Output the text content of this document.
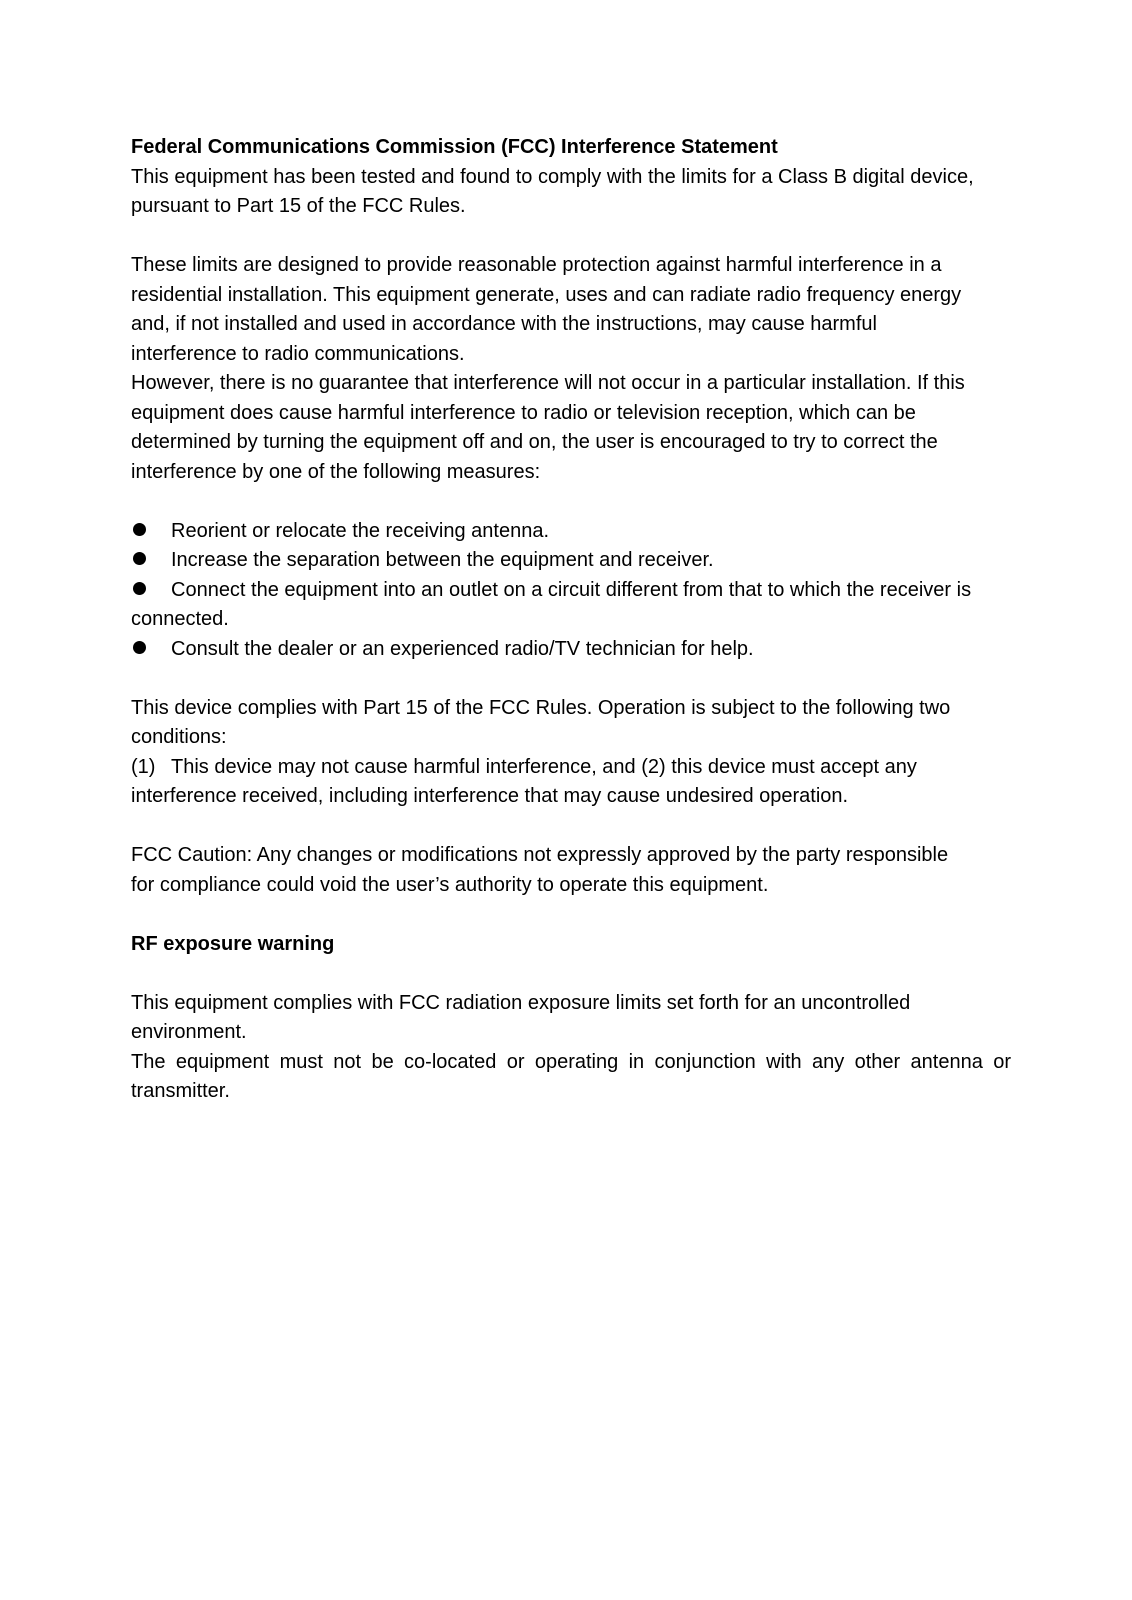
Federal Communications Commission (FCC) Interference Statement

This equipment has been tested and found to comply with the limits for a Class B digital device,

pursuant to Part 15 of the FCC Rules.

These limits are designed to provide reasonable protection against harmful interference in a

residential installation. This equipment generate, uses and can radiate radio frequency energy

and, if not installed and used in accordance with the instructions, may cause harmful

interference to radio communications.

However, there is no guarantee that interference will not occur in a particular installation. If this

equipment does cause harmful interference to radio or television reception, which can be

determined by turning the equipment off and on, the user is encouraged to try to correct the

interference by one of the following measures:

Reorient or relocate the receiving antenna.

Increase the separation between the equipment and receiver.

Connect the equipment into an outlet on a circuit different from that to which the receiver is

connected.

Consult the dealer or an experienced radio/TV technician for help.

This device complies with Part 15 of the FCC Rules. Operation is subject to the following two

conditions:

(1) This device may not cause harmful interference, and (2) this device must accept any

interference received, including interference that may cause undesired operation.

FCC Caution: Any changes or modifications not expressly approved by the party responsible

for compliance could void the user’s authority to operate this equipment.

RF exposure warning

This equipment complies with FCC radiation exposure limits set forth for an uncontrolled

environment.

The equipment must not be co-located or operating in conjunction with any other antenna or

transmitter.
